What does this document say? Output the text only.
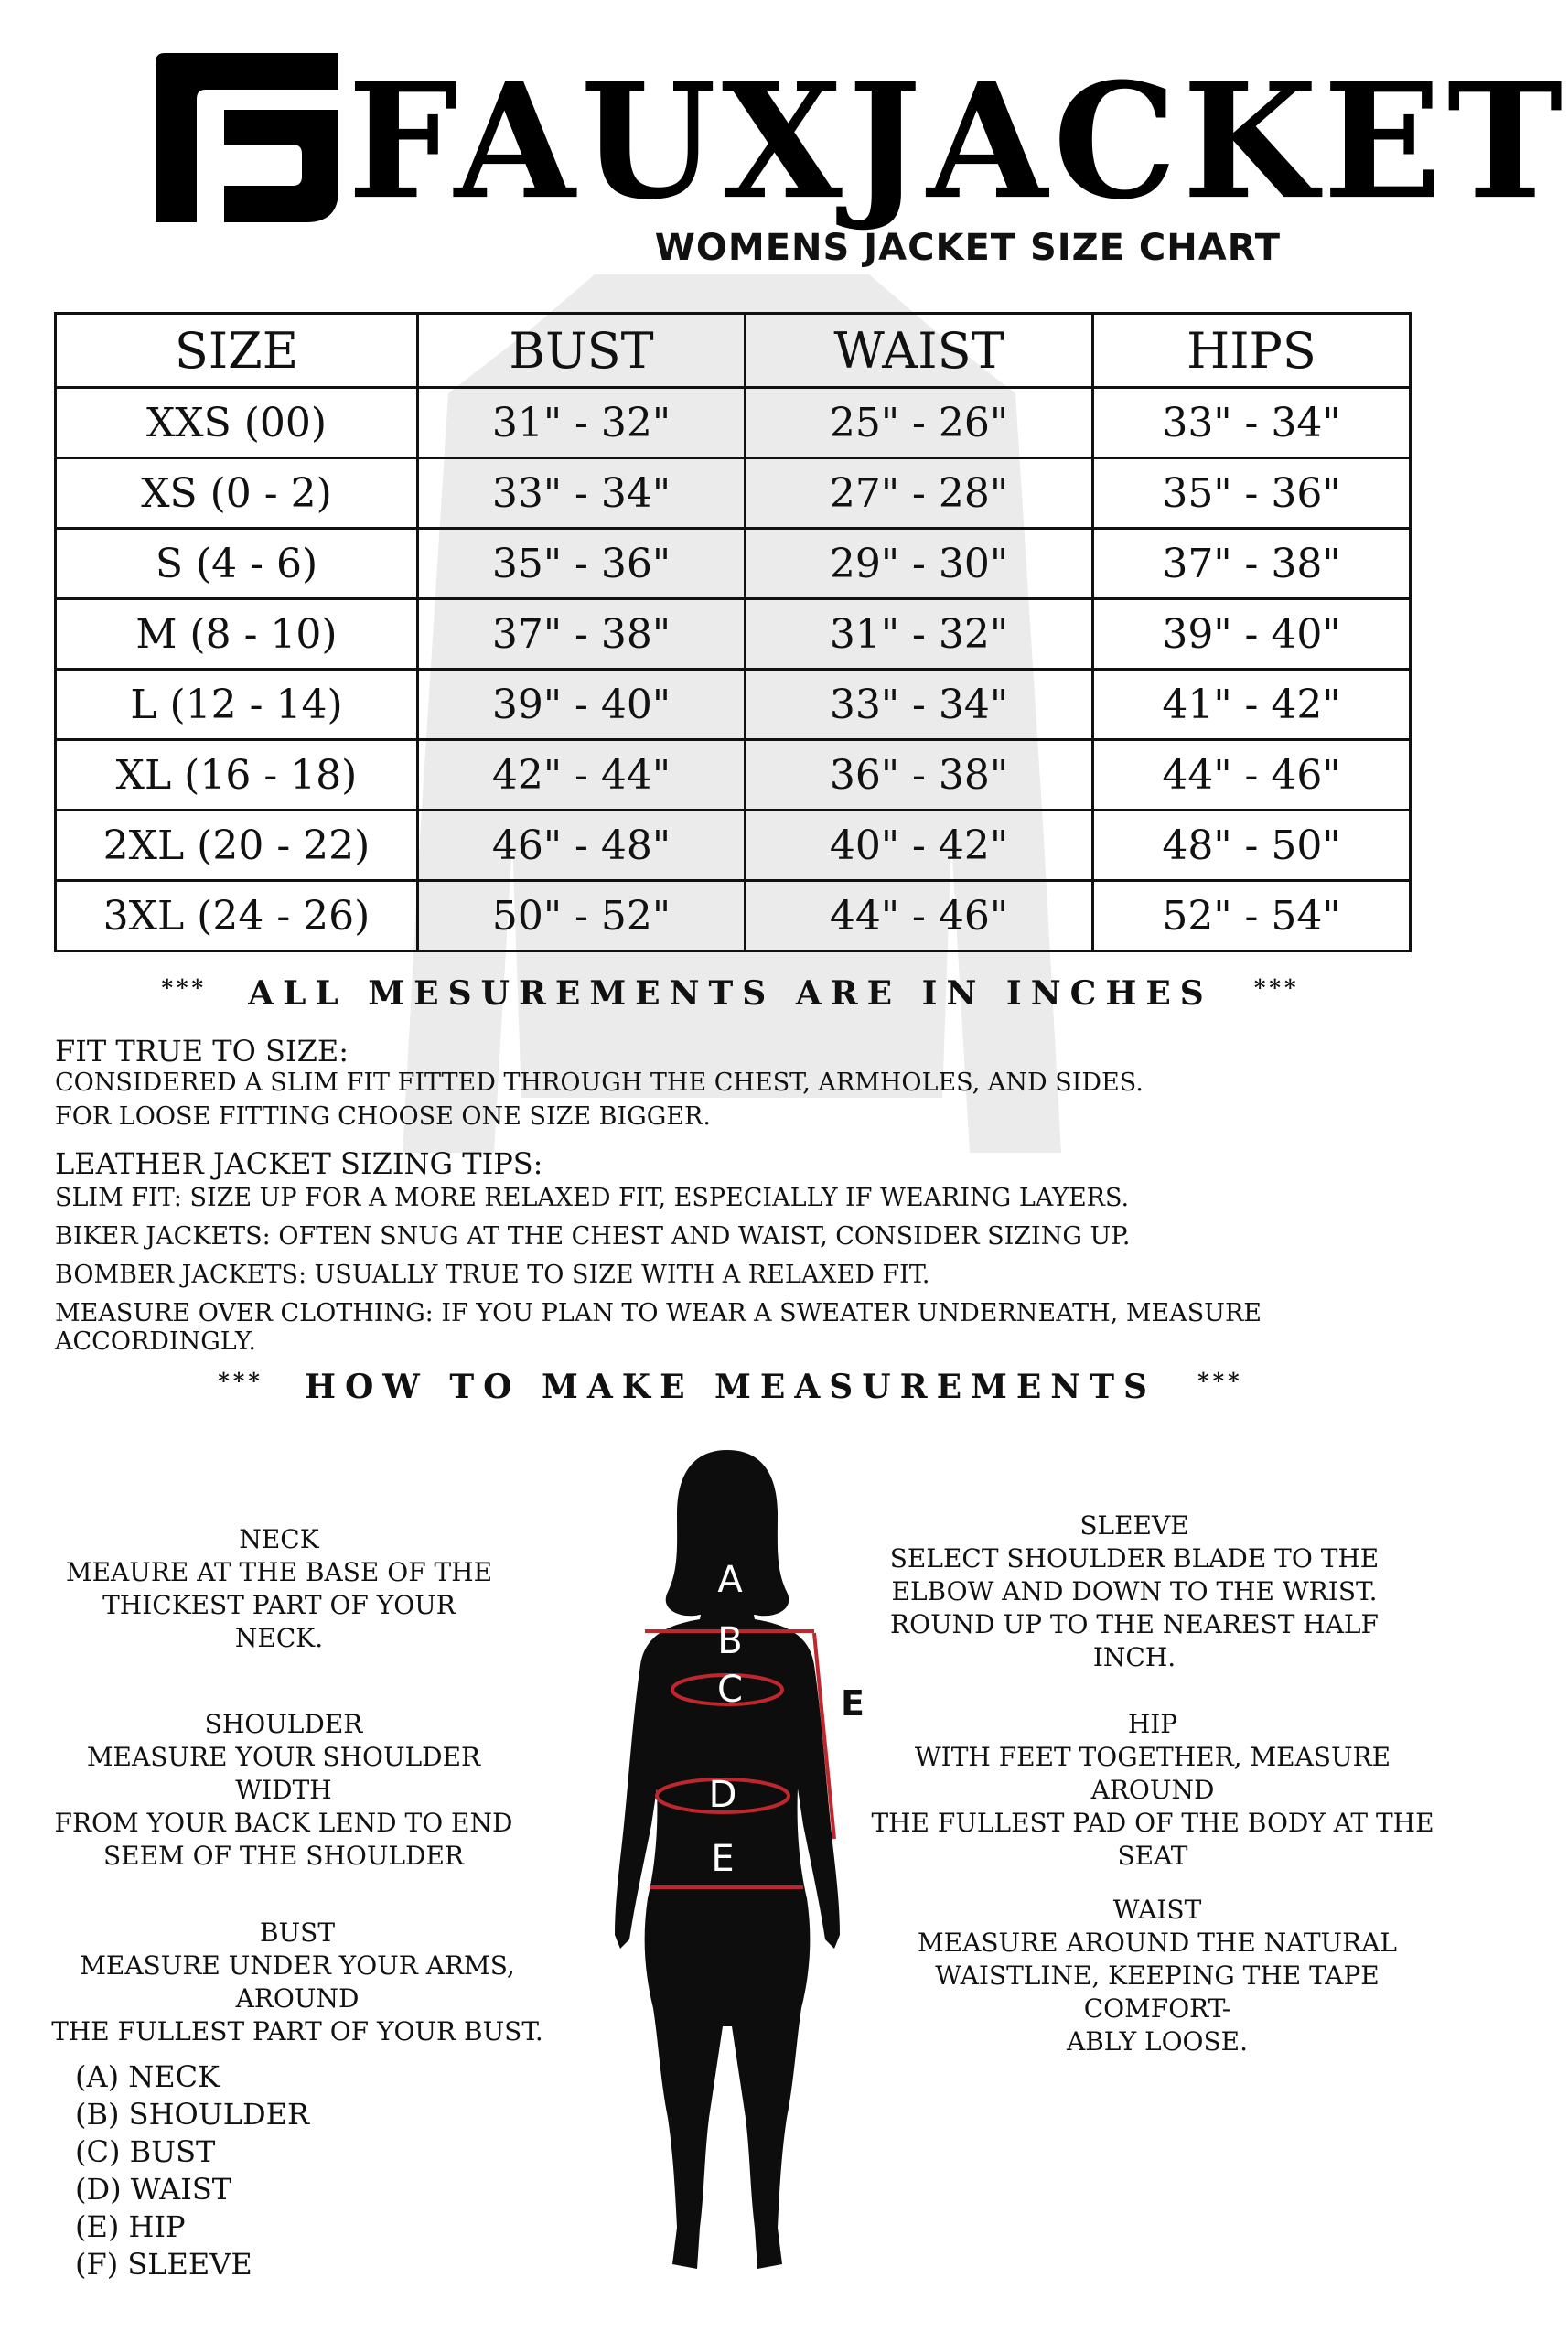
FAUXJACKET
WOMENS JACKET SIZE CHART
SIZE	BUST	WAIST	HIPS
XXS (00)	31" - 32"	25" - 26"	33" - 34"
XS (0 - 2)	33" - 34"	27" - 28"	35" - 36"
S (4 - 6)	35" - 36"	29" - 30"	37" - 38"
M (8 - 10)	37" - 38"	31" - 32"	39" - 40"
L (12 - 14)	39" - 40"	33" - 34"	41" - 42"
XL (16 - 18)	42" - 44"	36" - 38"	44" - 46"
2XL (20 - 22)	46" - 48"	40" - 42"	48" - 50"
3XL (24 - 26)	50" - 52"	44" - 46"	52" - 54"
*** ALL MESUREMENTS ARE IN INCHES ***
FIT TRUE TO SIZE:
CONSIDERED A SLIM FIT FITTED THROUGH THE CHEST, ARMHOLES, AND SIDES.
FOR LOOSE FITTING CHOOSE ONE SIZE BIGGER.
LEATHER JACKET SIZING TIPS:
SLIM FIT: SIZE UP FOR A MORE RELAXED FIT, ESPECIALLY IF WEARING LAYERS.
BIKER JACKETS: OFTEN SNUG AT THE CHEST AND WAIST, CONSIDER SIZING UP.
BOMBER JACKETS: USUALLY TRUE TO SIZE WITH A RELAXED FIT.
MEASURE OVER CLOTHING: IF YOU PLAN TO WEAR A SWEATER UNDERNEATH, MEASURE ACCORDINGLY.
*** HOW TO MAKE MEASUREMENTS ***
NECK
MEAURE AT THE BASE OF THE
THICKEST PART OF YOUR
NECK.
SHOULDER
MEASURE YOUR SHOULDER WIDTH
FROM YOUR BACK LEND TO END
SEEM OF THE SHOULDER
BUST
MEASURE UNDER YOUR ARMS, AROUND
THE FULLEST PART OF YOUR BUST.
(A) NECK
(B) SHOULDER
(C) BUST
(D) WAIST
(E) HIP
(F) SLEEVE
SLEEVE
SELECT SHOULDER BLADE TO THE
ELBOW AND DOWN TO THE WRIST.
ROUND UP TO THE NEAREST HALF
INCH.
HIP
WITH FEET TOGETHER, MEASURE AROUND
THE FULLEST PAD OF THE BODY AT THE
SEAT
WAIST
MEASURE AROUND THE NATURAL
WAISTLINE, KEEPING THE TAPE COMFORT-
ABLY LOOSE.
A
B
C
D
E
E
